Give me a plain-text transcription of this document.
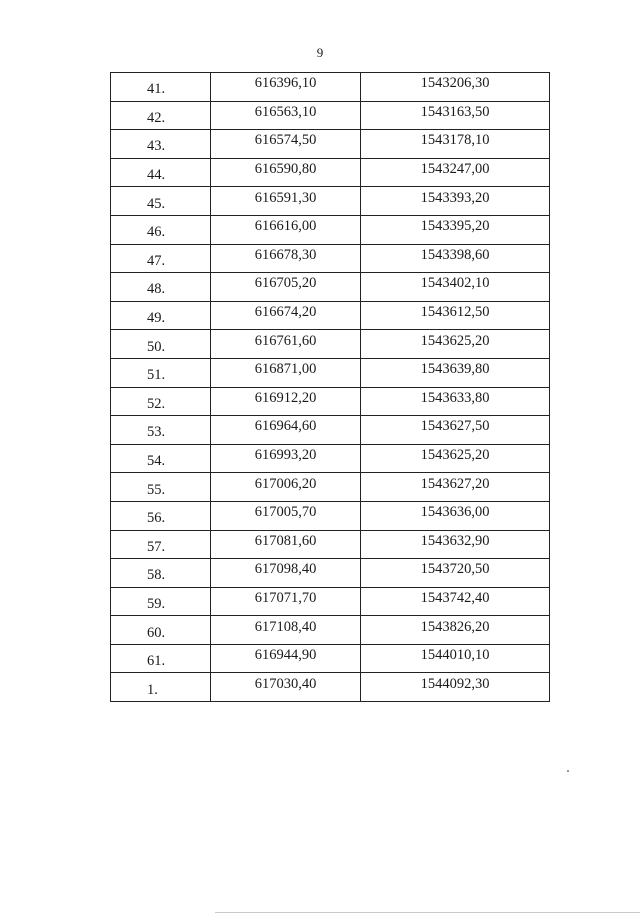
9
41.	616396,10	1543206,30
42.	616563,10	1543163,50
43.	616574,50	1543178,10
44.	616590,80	1543247,00
45.	616591,30	1543393,20
46.	616616,00	1543395,20
47.	616678,30	1543398,60
48.	616705,20	1543402,10
49.	616674,20	1543612,50
50.	616761,60	1543625,20
51.	616871,00	1543639,80
52.	616912,20	1543633,80
53.	616964,60	1543627,50
54.	616993,20	1543625,20
55.	617006,20	1543627,20
56.	617005,70	1543636,00
57.	617081,60	1543632,90
58.	617098,40	1543720,50
59.	617071,70	1543742,40
60.	617108,40	1543826,20
61.	616944,90	1544010,10
1.	617030,40	1544092,30
